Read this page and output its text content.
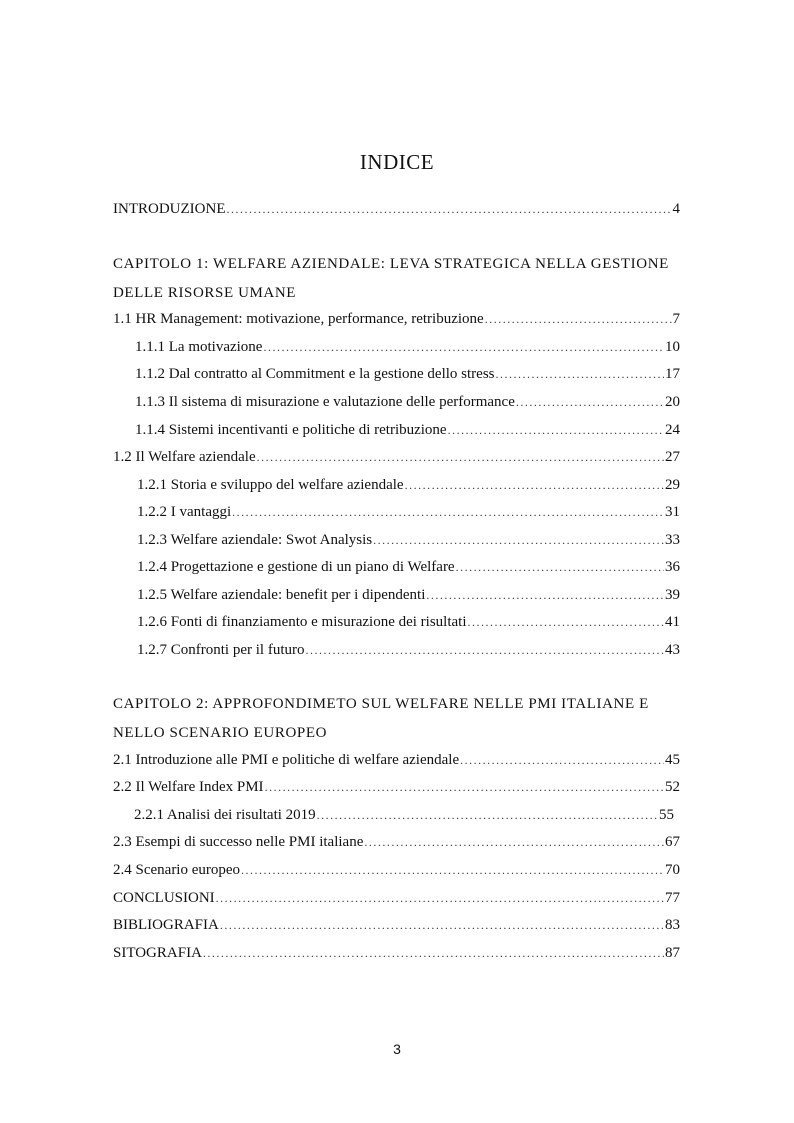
INDICE
INTRODUZIONE .....	4
CAPITOLO 1: WELFARE AZIENDALE: LEVA STRATEGICA NELLA GESTIONE
DELLE RISORSE UMANE
1.1 HR Management: motivazione, performance, retribuzione .....	7
1.1.1 La motivazione .....	10
1.1.2 Dal contratto al Commitment e la gestione dello stress .....	17
1.1.3 Il sistema di misurazione e valutazione delle performance .....	20
1.1.4 Sistemi incentivanti e politiche di retribuzione .....	24
1.2 Il Welfare aziendale .....	27
1.2.1 Storia e sviluppo del welfare aziendale .....	29
1.2.2 I vantaggi .....	31
1.2.3 Welfare aziendale: Swot Analysis .....	33
1.2.4 Progettazione e gestione di un piano di Welfare .....	36
1.2.5 Welfare aziendale: benefit per i dipendenti .....	39
1.2.6 Fonti di finanziamento e misurazione dei risultati .....	41
1.2.7 Confronti per il futuro .....	43
CAPITOLO 2: APPROFONDIMETO SUL WELFARE NELLE PMI ITALIANE E
NELLO SCENARIO EUROPEO
2.1 Introduzione alle PMI e politiche di welfare aziendale .....	45
2.2 Il Welfare Index PMI .....	52
2.2.1 Analisi dei risultati 2019 .....	55
2.3 Esempi di successo nelle PMI italiane .....	67
2.4 Scenario europeo .....	70
CONCLUSIONI .....	77
BIBLIOGRAFIA .....	83
SITOGRAFIA .....	87
3
